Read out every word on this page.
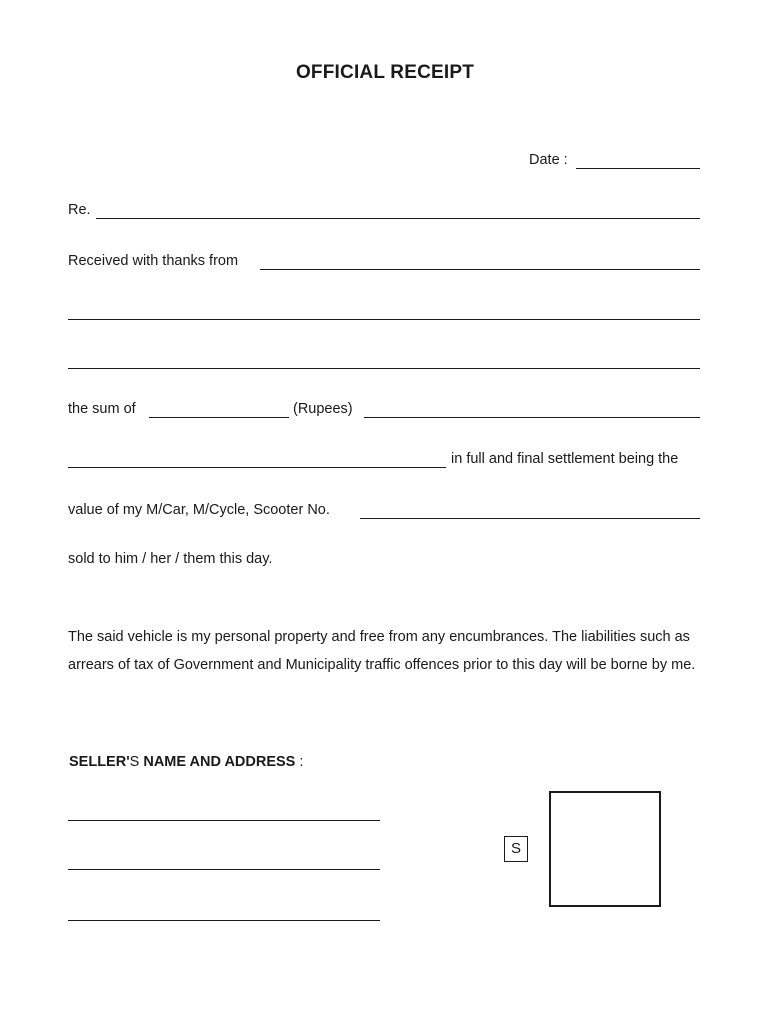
OFFICIAL RECEIPT
Date :
Re.
Received with thanks from
the sum of	(Rupees)
in full and final settlement being the
value of my M/Car, M/Cycle, Scooter No.
sold to him / her / them this day.
The said vehicle is my personal property and free from any encumbrances. The liabilities such as arrears of tax of Government and Municipality traffic offences prior to this day will be borne by me.
SELLER'S NAME AND ADDRESS :
S
